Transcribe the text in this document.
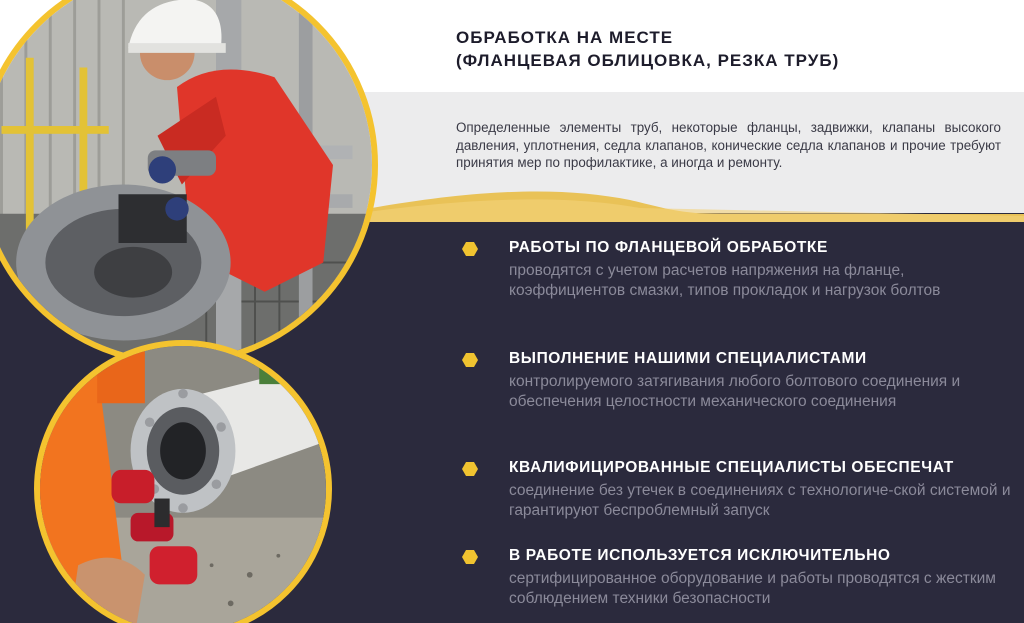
ОБРАБОТКА НА МЕСТЕ
(ФЛАНЦЕВАЯ ОБЛИЦОВКА, РЕЗКА ТРУБ)

Определенные элементы труб, некоторые фланцы, задвижки, клапаны высокого давления, уплотнения, седла клапанов, конические седла клапанов и прочие требуют принятия мер по профилактике, а иногда и ремонту.

РАБОТЫ ПО ФЛАНЦЕВОЙ ОБРАБОТКЕ
проводятся с учетом расчетов напряжения на фланце, коэффициентов смазки, типов прокладок и нагрузок болтов
ВЫПОЛНЕНИЕ НАШИМИ СПЕЦИАЛИСТАМИ
контролируемого затягивания любого болтового соединения и обеспечения целостности механического соединения
КВАЛИФИЦИРОВАННЫЕ СПЕЦИАЛИСТЫ ОБЕСПЕЧАТ
соединение без утечек в соединениях с технологиче-ской системой и гарантируют беспроблемный запуск
В РАБОТЕ ИСПОЛЬЗУЕТСЯ ИСКЛЮЧИТЕЛЬНО
сертифицированное оборудование и работы проводятся с жестким соблюдением техники безопасности
